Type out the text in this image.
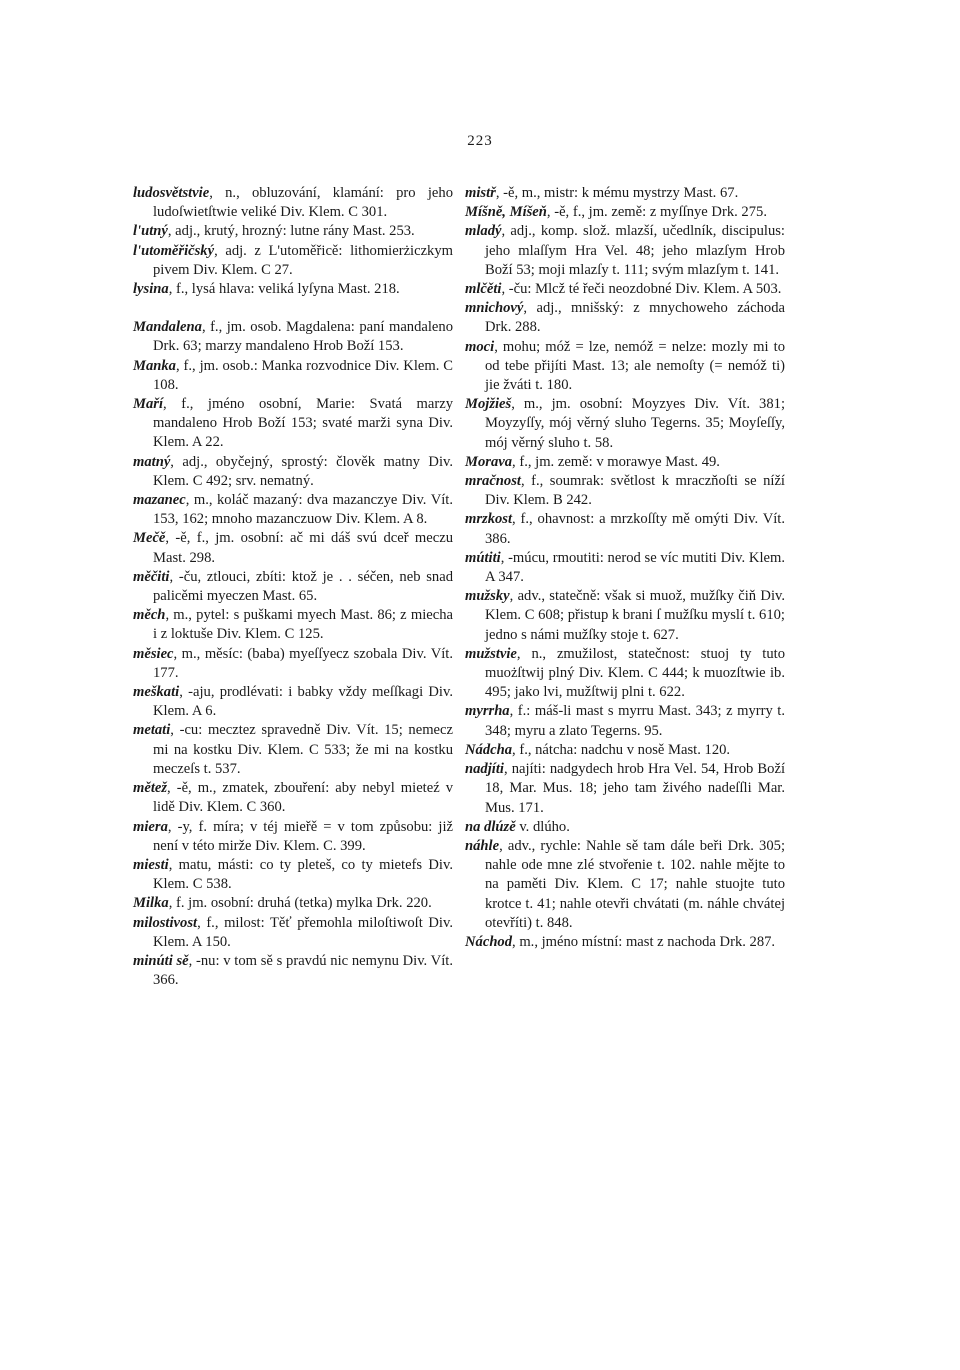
223

ludosvětstvie, n., obluzování, klamání: pro jeho ludoſwietſtwie veliké Div. Klem. C 301.

l'utný, adj., krutý, hrozný: lutne rány Mast. 253.

l'utoměřičský, adj. z L'utoměřicě: lithomierżiczkym pivem Div. Klem. C 27.

lysina, f., lysá hlava: veliká lyſyna Mast. 218.

Mandalena, f., jm. osob. Magdalena: paní mandaleno Drk. 63; marzy mandaleno Hrob Boží 153.

Manka, f., jm. osob.: Manka rozvodnice Div. Klem. C 108.

Maří, f., jméno osobní, Marie: Svatá marzy mandaleno Hrob Boží 153; svaté marži syna Div. Klem. A 22.

matný, adj., obyčejný, sprostý: člověk matny Div. Klem. C 492; srv. nematný.

mazanec, m., koláč mazaný: dva mazanczye Div. Vít. 153, 162; mnoho mazanczuow Div. Klem. A 8.

Mečě, -ě, f., jm. osobní: ač mi dáš svú dceř meczu Mast. 298.

měčiti, -ču, ztlouci, zbíti: ktož je . . séčen, neb snad palicěmi myeczen Mast. 65.

měch, m., pytel: s puškami myech Mast. 86; z miecha i z loktuše Div. Klem. C 125.

měsiec, m., měsíc: (baba) myeſſyecz szobala Div. Vít. 177.

meškati, -aju, prodlévati: i babky vždy meſſkagi Div. Klem. A 6.

metati, -cu: mecztez spravedně Div. Vít. 15; nemecz mi na kostku Div. Klem. C 533; že mi na kostku meczeſs t. 537.

mětež, -ě, m., zmatek, zbouření: aby nebyl mieteź v lidě Div. Klem. C 360.

miera, -y, f. míra; v téj mieřě = v tom způsobu: již není v této mirže Div. Klem. C. 399.

miesti, matu, másti: co ty pleteš, co ty mietefs Div. Klem. C 538.

Milka, f. jm. osobní: druhá (tetka) mylka Drk. 220.

milostivost, f., milost: Těť přemohla miloſtiwoſt Div. Klem. A 150.

minúti sě, -nu: v tom sě s pravdú nic nemynu Div. Vít. 366.

mistř, -ě, m., mistr: k mému mystrzy Mast. 67.

Míšně, Míšeň, -ě, f., jm. země: z myſſnye Drk. 275.

mladý, adj., komp. slož. mlazší, učedlník, discipulus: jeho mlaſſym Hra Vel. 48; jeho mlazſym Hrob Boží 53; moji mlazſy t. 111; svým mlazſym t. 141.

mlčěti, -ču: Mlcž té řeči neozdobné Div. Klem. A 503.

mnichový, adj., mnišský: z mnychoweho záchoda Drk. 288.

moci, mohu; móž = lze, nemóž = nelze: mozly mi to od tebe přijíti Mast. 13; ale nemoſty (= nemóž ti) jie žváti t. 180.

Mojžieš, m., jm. osobní: Moyzyes Div. Vít. 381; Moyzyſſy, mój věrný sluho Tegerns. 35; Moyſeſſy, mój věrný sluho t. 58.

Morava, f., jm. země: v morawye Mast. 49.

mračnost, f., soumrak: světlost k mraczňoſti se níží Div. Klem. B 242.

mrzkost, f., ohavnost: a mrzkoſſty mě omýti Div. Vít. 386.

mútiti, -múcu, rmoutiti: nerod se víc mutiti Div. Klem. A 347.

mužsky, adv., statečně: však si muož, mužſky čiň Div. Klem. C 608; přistup k brani ſ mužſku myslí t. 610; jedno s námi mužſky stoje t. 627.

mužstvie, n., zmužilost, statečnost: stuoj ty tuto muożſtwij plný Div. Klem. C 444; k muozſtwie ib. 495; jako lvi, mužſtwij plni t. 622.

myrrha, f.: máš-li mast s myrru Mast. 343; z myrry t. 348; myru a zlato Tegerns. 95.

Nádcha, f., nátcha: nadchu v nosě Mast. 120.

nadjíti, najíti: nadgydech hrob Hra Vel. 54, Hrob Boží 18, Mar. Mus. 18; jeho tam živého nadeſſli Mar. Mus. 171.

na dlúzě v. dlúho.

náhle, adv., rychle: Nahle sě tam dále beři Drk. 305; nahle ode mne zlé stvořenie t. 102. nahle mějte to na paměti Div. Klem. C 17; nahle stuojte tuto krotce t. 41; nahle otevři chvátati (m. náhle chvátej otevříti) t. 848.

Náchod, m., jméno místní: mast z nachoda Drk. 287.
